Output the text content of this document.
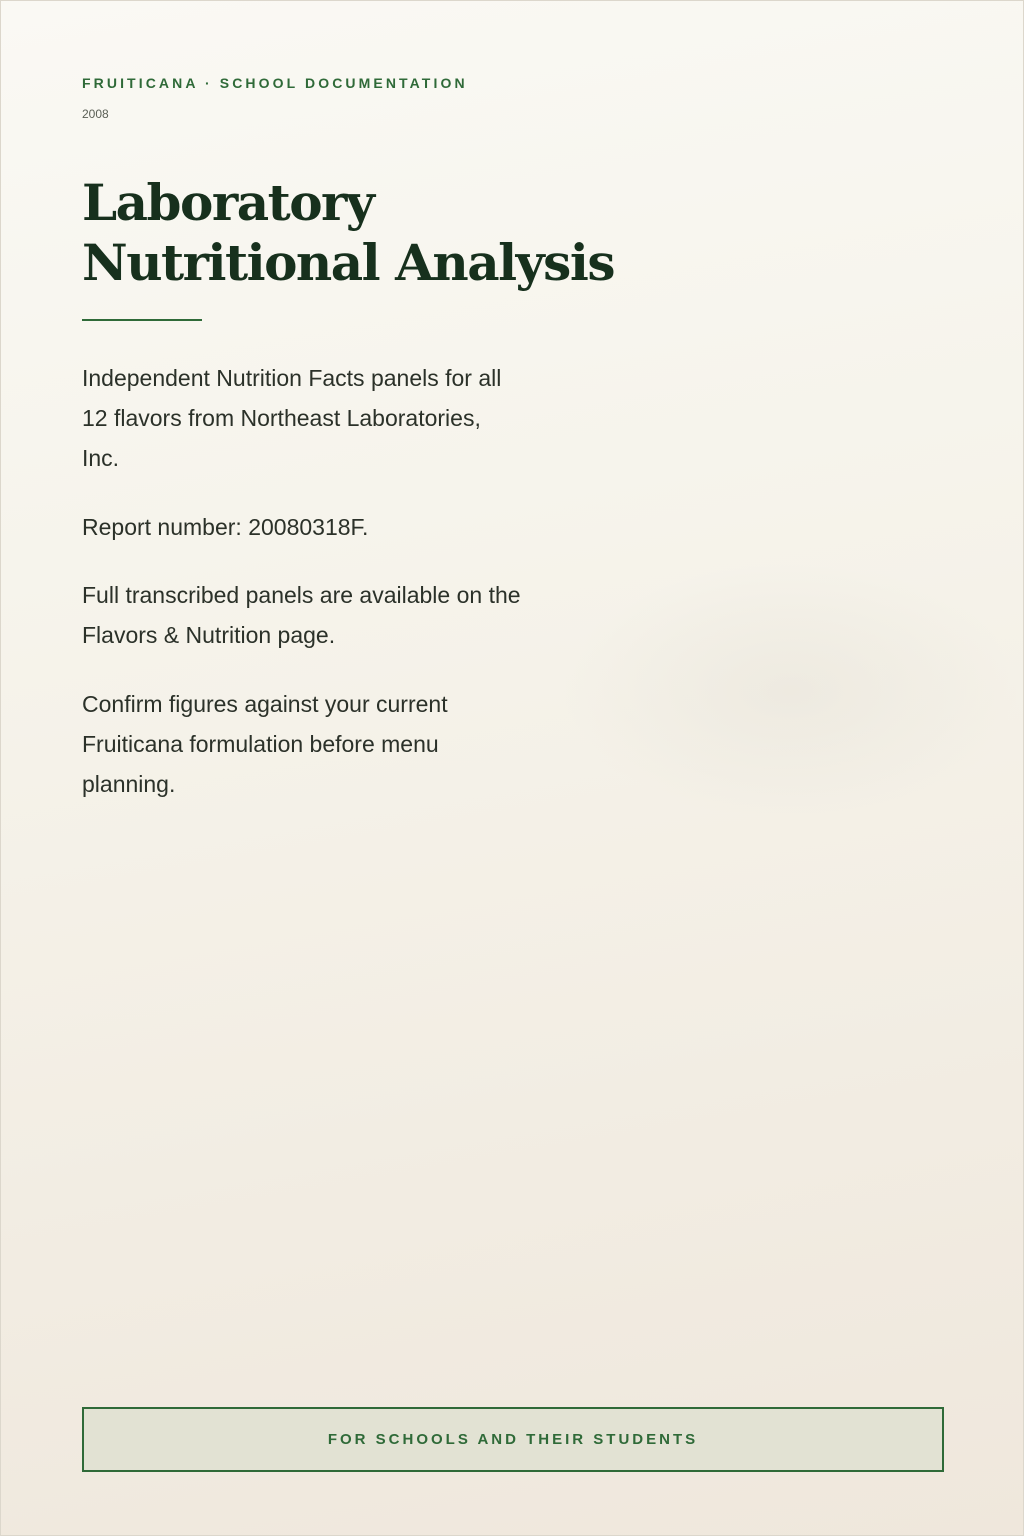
FRUITICANA · SCHOOL DOCUMENTATION
2008
Laboratory
Nutritional Analysis

Independent Nutrition Facts panels for all 12 flavors from Northeast Laboratories, Inc.

Report number: 20080318F.

Full transcribed panels are available on the Flavors & Nutrition page.

Confirm figures against your current Fruiticana formulation before menu planning.

FOR SCHOOLS AND THEIR STUDENTS
